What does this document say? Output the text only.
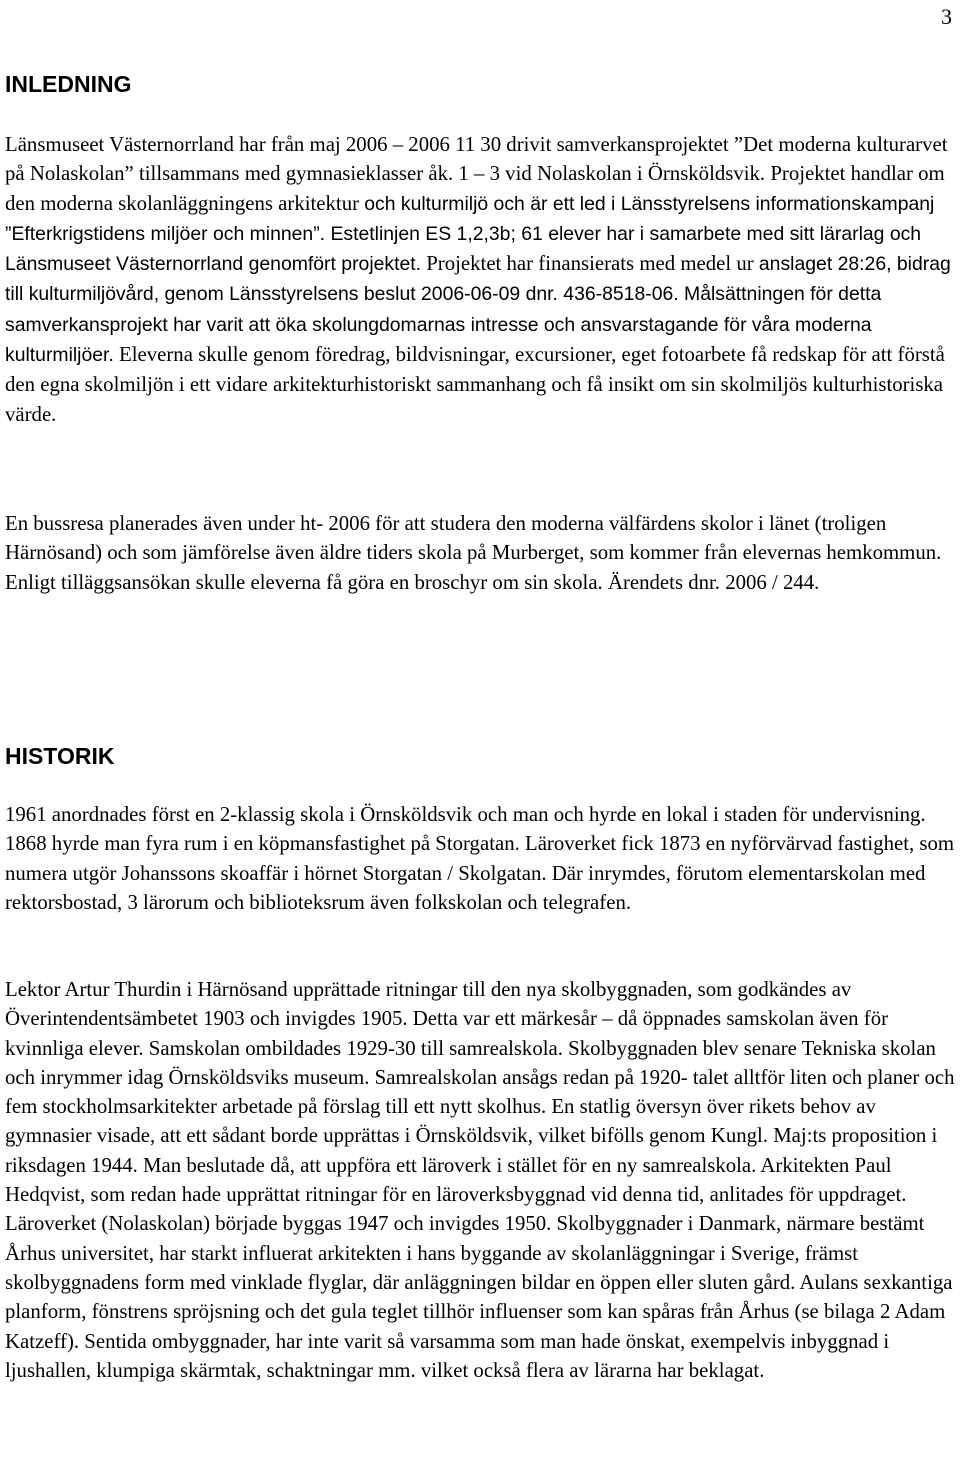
3
INLEDNING

Länsmuseet Västernorrland har från maj 2006 – 2006 11 30 drivit samverkansprojektet ”Det moderna kulturarvet på Nolaskolan” tillsammans med gymnasieklasser åk. 1 – 3 vid Nolaskolan i Örnsköldsvik. Projektet handlar om den moderna skolanläggningens arkitektur och kulturmiljö och är ett led i Länsstyrelsens informationskampanj ”Efterkrigstidens miljöer och minnen”. Estetlinjen ES 1,2,3b; 61 elever har i samarbete med sitt lärarlag och Länsmuseet Västernorrland genomfört projektet. Projektet har finansierats med medel ur anslaget 28:26, bidrag till kulturmiljövård, genom Länsstyrelsens beslut 2006-06-09 dnr. 436-8518-06. Målsättningen för detta samverkansprojekt har varit att öka skolungdomarnas intresse och ansvarstagande för våra moderna kulturmiljöer. Eleverna skulle genom föredrag, bildvisningar, excursioner, eget fotoarbete få redskap för att förstå den egna skolmiljön i ett vidare arkitekturhistoriskt sammanhang och få insikt om sin skolmiljös kulturhistoriska värde.

En bussresa planerades även under ht- 2006 för att studera den moderna välfärdens skolor i länet (troligen Härnösand) och som jämförelse även äldre tiders skola på Murberget, som kommer från elevernas hemkommun. Enligt tilläggsansökan skulle eleverna få göra en broschyr om sin skola. Ärendets dnr. 2006 / 244.

HISTORIK

1961 anordnades först en 2-klassig skola i Örnsköldsvik och man och hyrde en lokal i staden för undervisning. 1868 hyrde man fyra rum i en köpmansfastighet på Storgatan. Läroverket fick 1873 en nyförvärvad fastighet, som numera utgör Johanssons skoaffär i hörnet Storgatan / Skolgatan. Där inrymdes, förutom elementarskolan med rektorsbostad, 3 lärorum och biblioteksrum även folkskolan och telegrafen.

Lektor Artur Thurdin i Härnösand upprättade ritningar till den nya skolbyggnaden, som godkändes av Överintendentsämbetet 1903 och invigdes 1905. Detta var ett märkesår – då öppnades samskolan även för kvinnliga elever. Samskolan ombildades 1929-30 till samrealskola. Skolbyggnaden blev senare Tekniska skolan och inrymmer idag Örnsköldsviks museum. Samrealskolan ansågs redan på 1920- talet alltför liten och planer och fem stockholmsarkitekter arbetade på förslag till ett nytt skolhus. En statlig översyn över rikets behov av gymnasier visade, att ett sådant borde upprättas i Örnsköldsvik, vilket bifölls genom Kungl. Maj:ts proposition i riksdagen 1944. Man beslutade då, att uppföra ett läroverk i stället för en ny samrealskola. Arkitekten Paul Hedqvist, som redan hade upprättat ritningar för en läroverksbyggnad vid denna tid, anlitades för uppdraget. Läroverket (Nolaskolan) började byggas 1947 och invigdes 1950. Skolbyggnader i Danmark, närmare bestämt Århus universitet, har starkt influerat arkitekten i hans byggande av skolanläggningar i Sverige, främst skolbyggnadens form med vinklade flyglar, där anläggningen bildar en öppen eller sluten gård. Aulans sexkantiga planform, fönstrens spröjsning och det gula teglet tillhör influenser som kan spåras från Århus (se bilaga 2 Adam Katzeff). Sentida ombyggnader, har inte varit så varsamma som man hade önskat, exempelvis inbyggnad i ljushallen, klumpiga skärmtak, schaktningar mm. vilket också flera av lärarna har beklagat.
